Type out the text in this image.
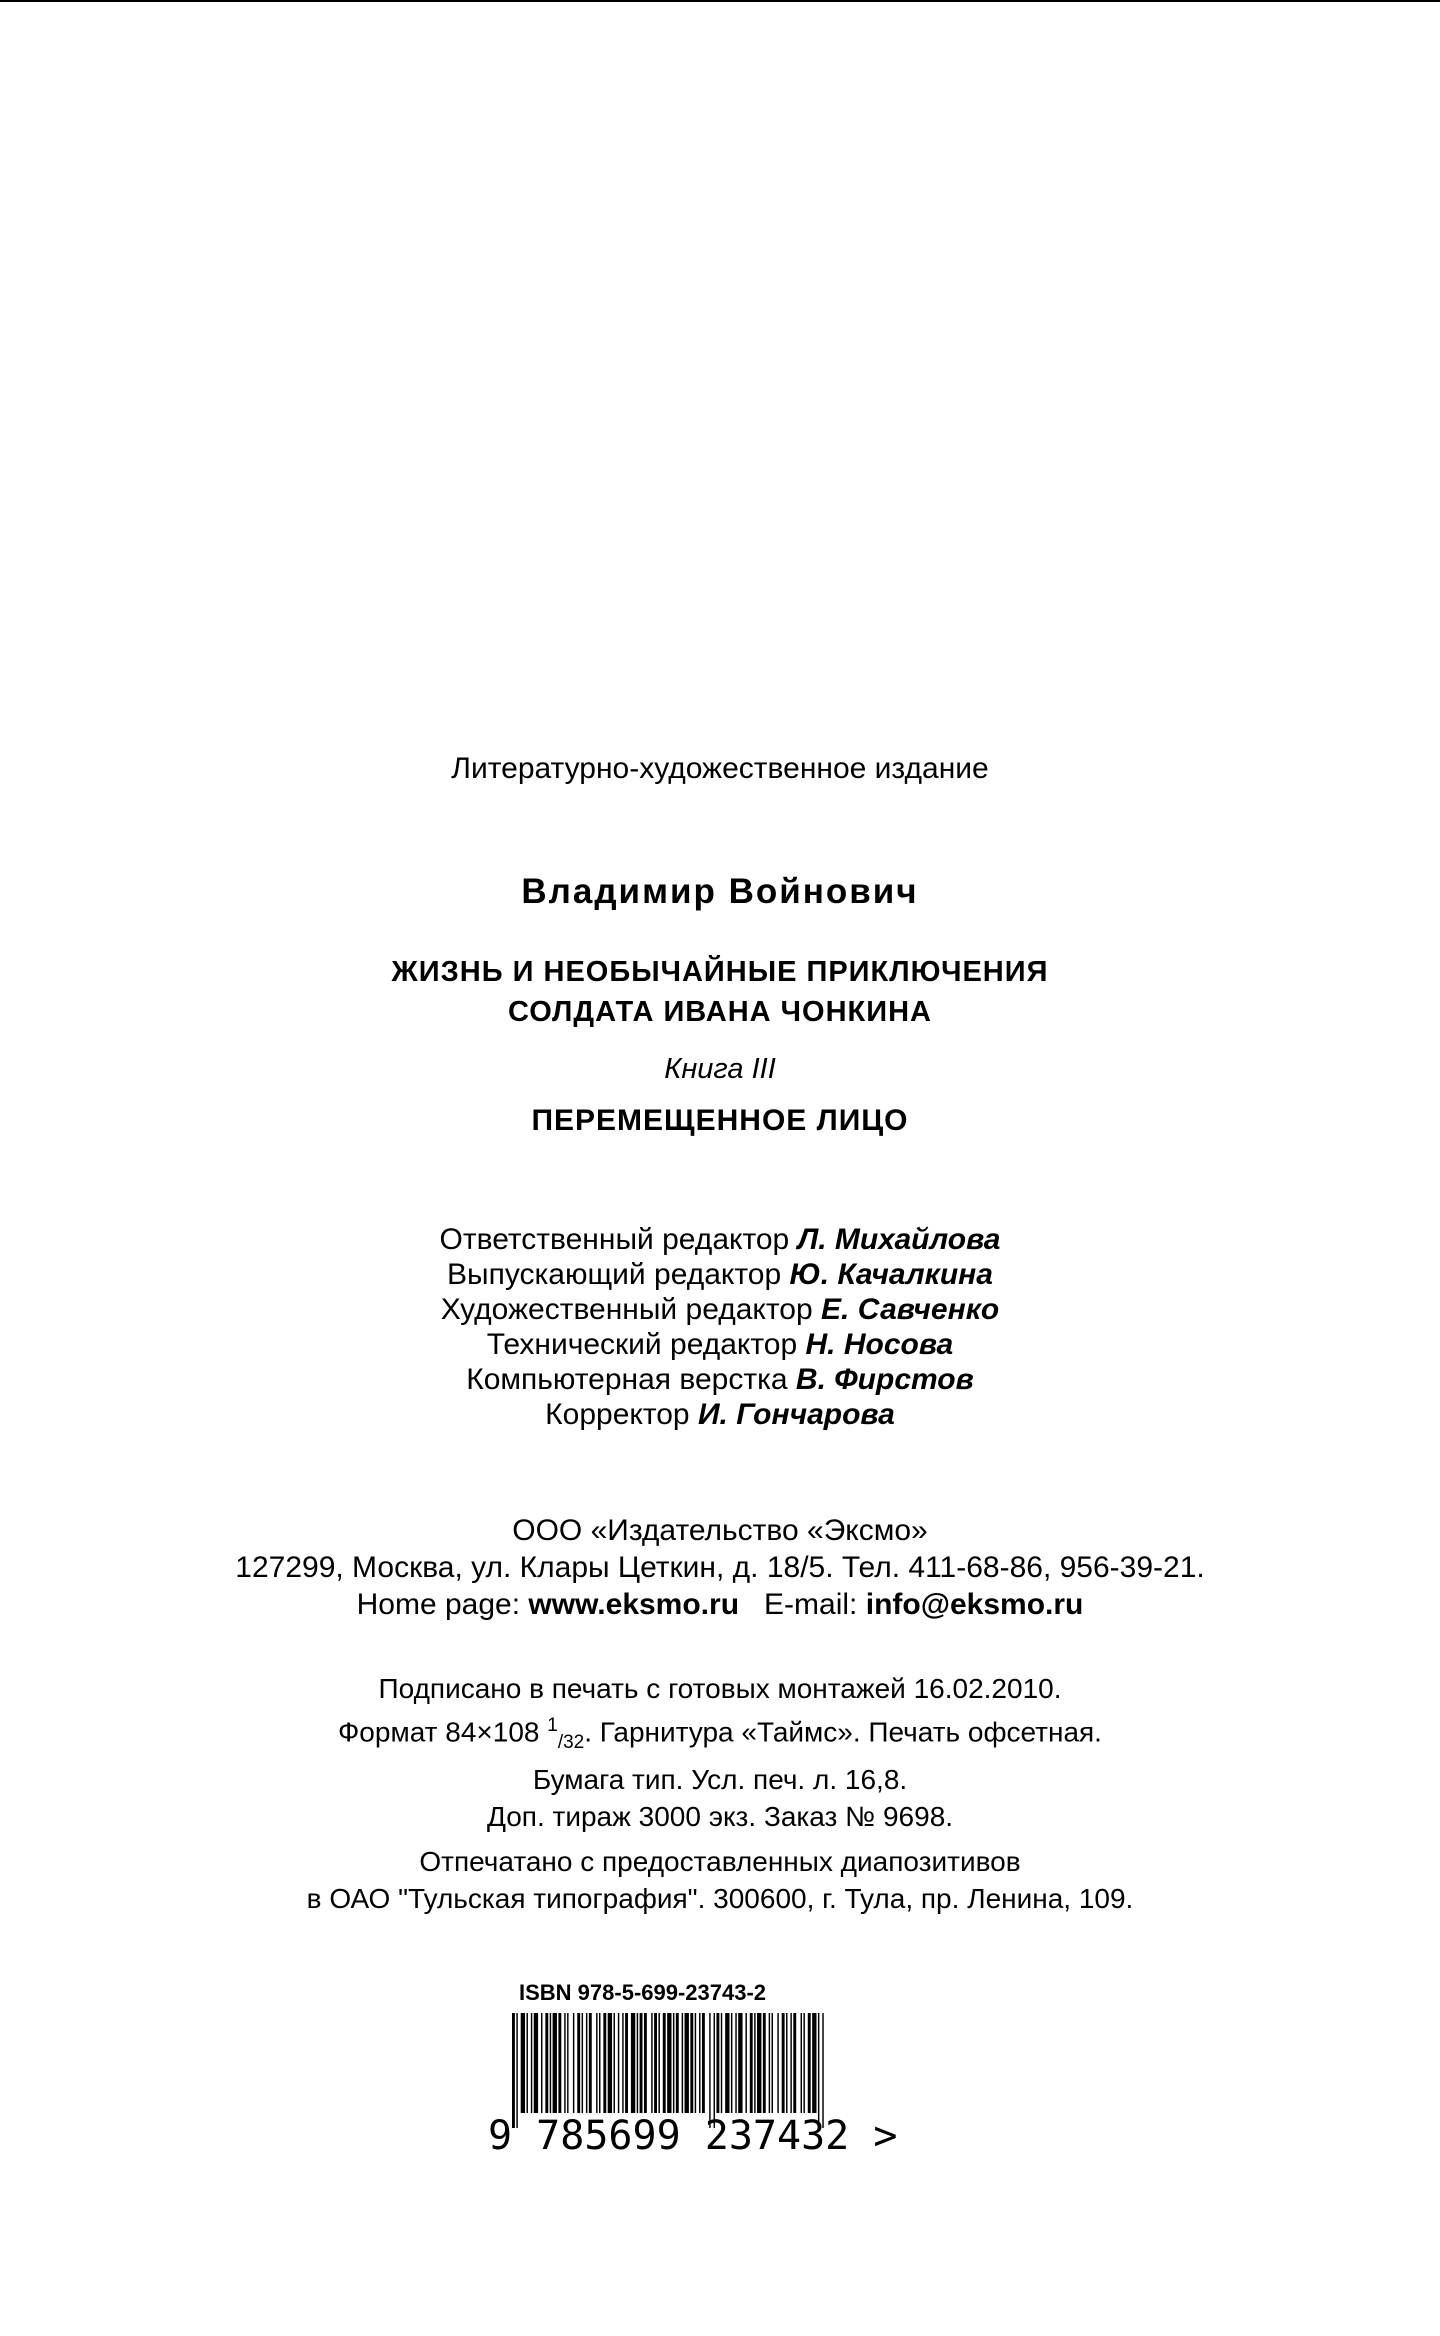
Литературно-художественное издание
Владимир Войнович
ЖИЗНЬ И НЕОБЫЧАЙНЫЕ ПРИКЛЮЧЕНИЯ
СОЛДАТА ИВАНА ЧОНКИНА
Книга III
ПЕРЕМЕЩЕННОЕ ЛИЦО
Ответственный редактор Л. Михайлова
Выпускающий редактор Ю. Качалкина
Художественный редактор Е. Савченко
Технический редактор Н. Носова
Компьютерная верстка В. Фирстов
Корректор И. Гончарова
ООО «Издательство «Эксмо»
127299, Москва, ул. Клары Цеткин, д. 18/5. Тел. 411-68-86, 956-39-21.
Home page: www.eksmo.ru E-mail: info@eksmo.ru
Подписано в печать с готовых монтажей 16.02.2010.
Формат 84×108 $^1_{/32}$. Гарнитура «Таймс». Печать офсетная.
Бумага тип. Усл. печ. л. 16,8.
Доп. тираж 3000 экз. Заказ № 9698.
Отпечатано с предоставленных диапозитивов
в ОАО "Тульская типография". 300600, г. Тула, пр. Ленина, 109.
ISBN 978-5-699-23743-2
9 785699 237432 >
